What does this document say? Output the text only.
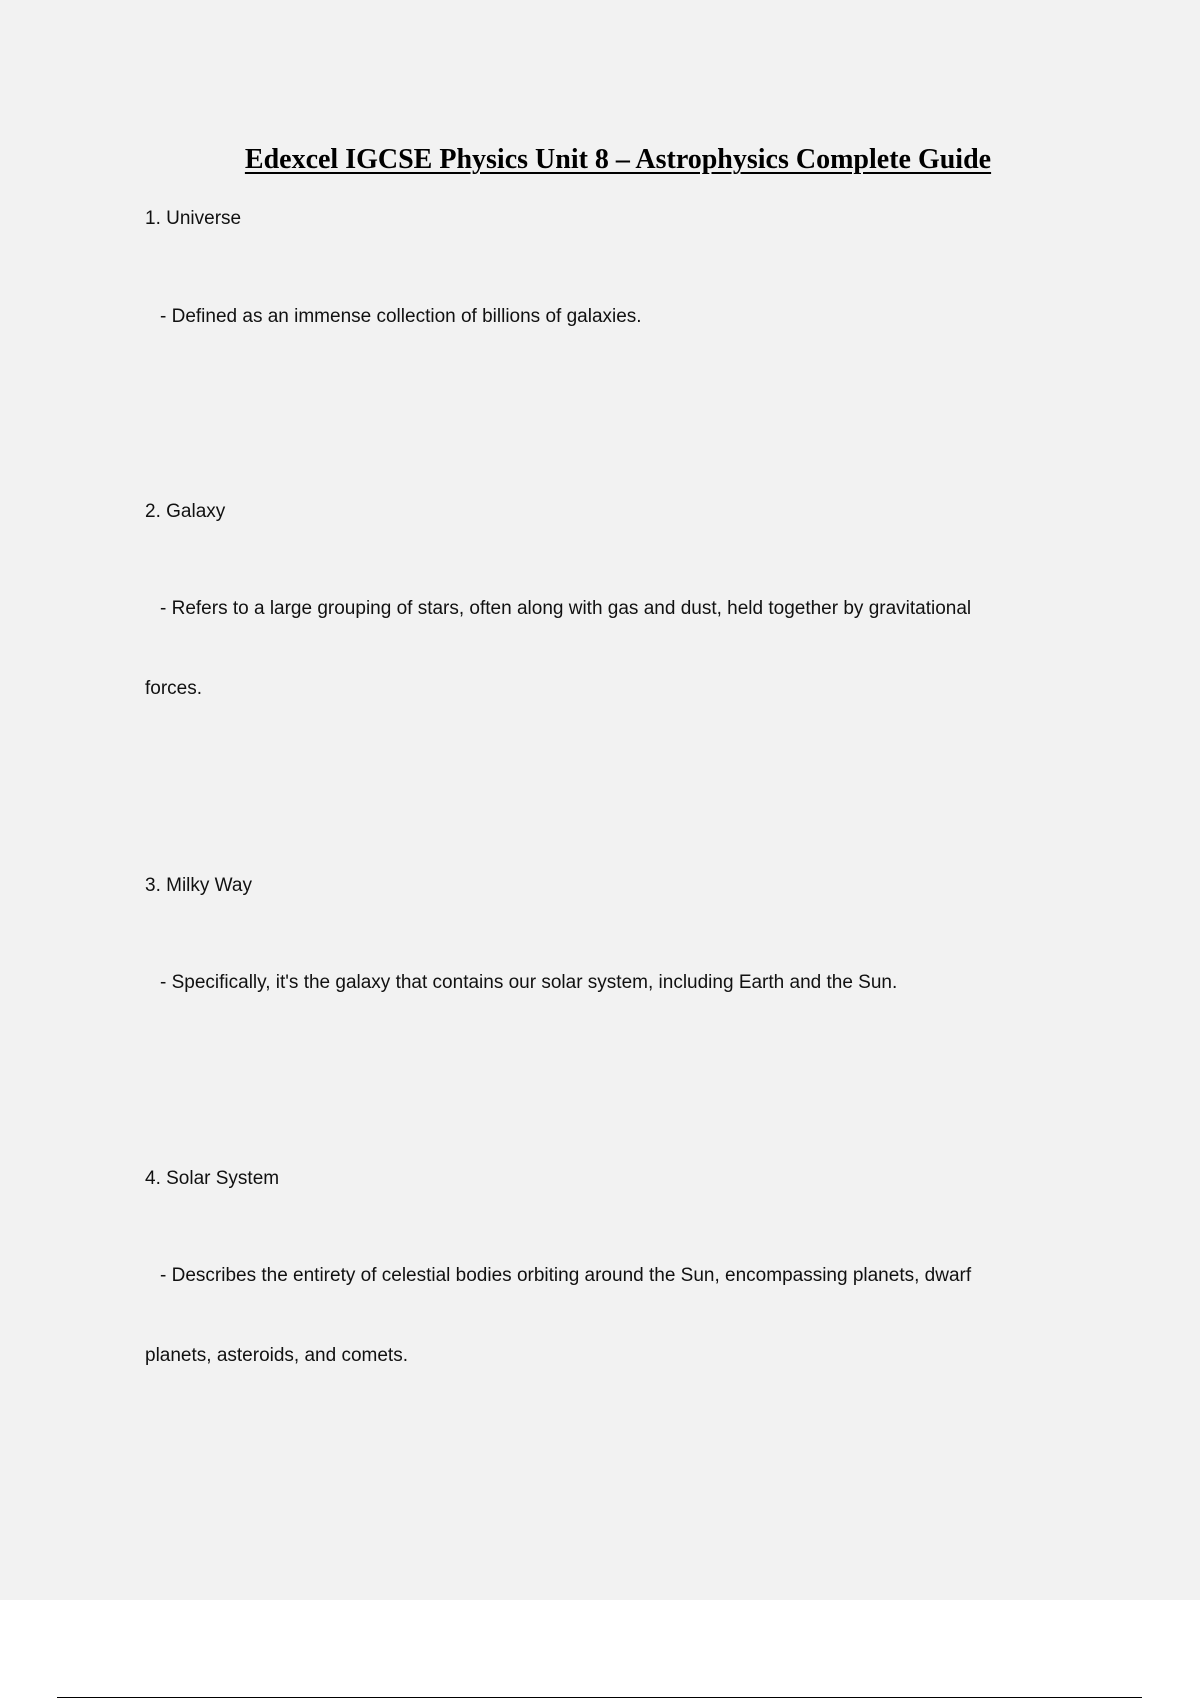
Edexcel IGCSE Physics Unit 8 – Astrophysics Complete Guide
1. Universe
- Defined as an immense collection of billions of galaxies.
2. Galaxy
- Refers to a large grouping of stars, often along with gas and dust, held together by gravitational
forces.
3. Milky Way
- Specifically, it's the galaxy that contains our solar system, including Earth and the Sun.
4. Solar System
- Describes the entirety of celestial bodies orbiting around the Sun, encompassing planets, dwarf
planets, asteroids, and comets.
